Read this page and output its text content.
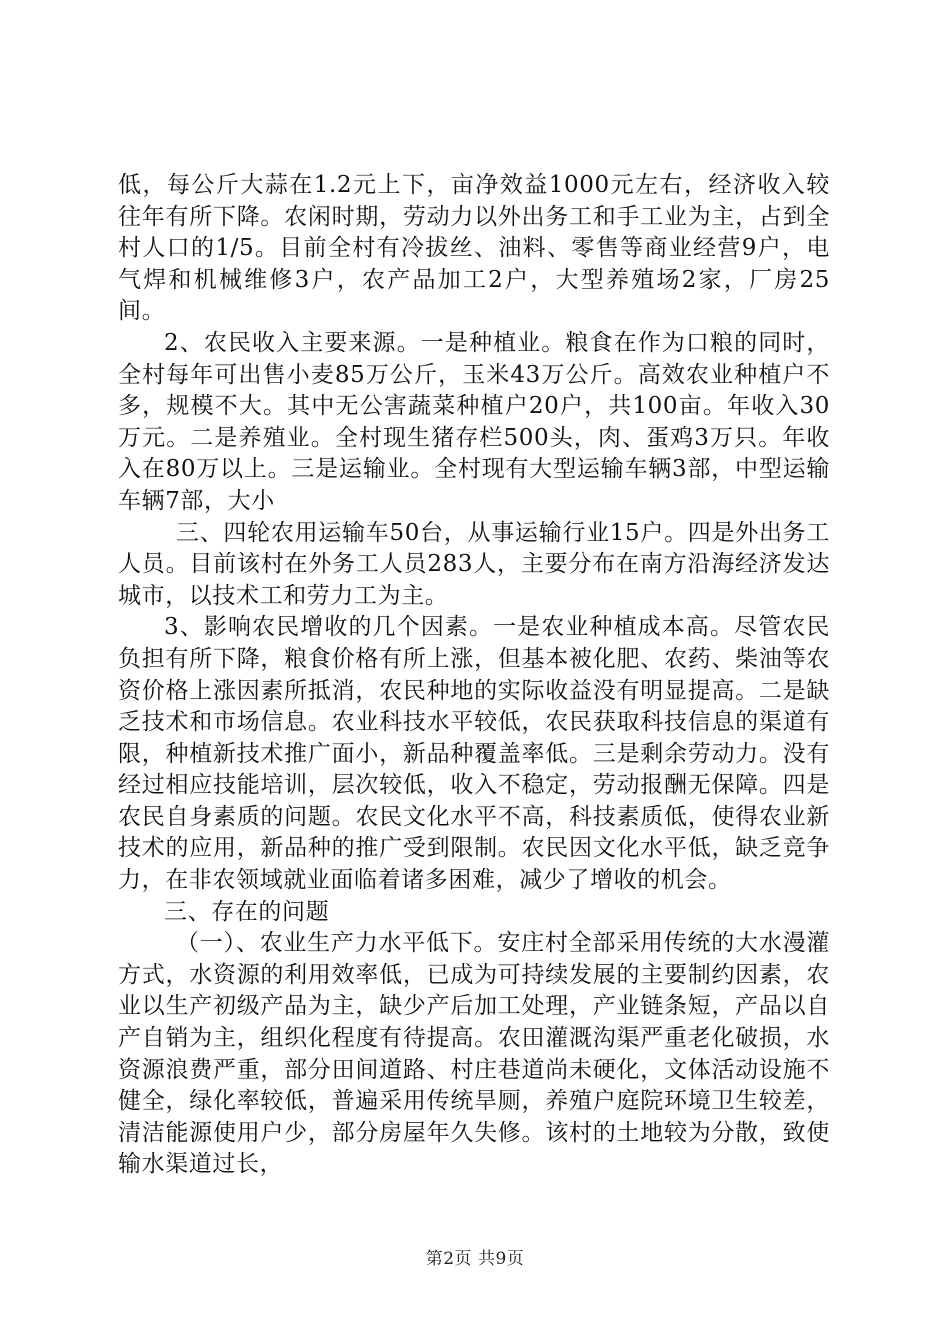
低，每公斤大蒜在1.2元上下，亩净效益1000元左右，经济收入较往年有所下降。农闲时期，劳动力以外出务工和手工业为主，占到全村人口的1/5。目前全村有冷拔丝、油料、零售等商业经营9户，电气焊和机械维修3户，农产品加工2户，大型养殖场2家，厂房25间。

2、农民收入主要来源。一是种植业。粮食在作为口粮的同时，全村每年可出售小麦85万公斤，玉米43万公斤。高效农业种植户不多，规模不大。其中无公害蔬菜种植户20户，共100亩。年收入30万元。二是养殖业。全村现生猪存栏500头，肉、蛋鸡3万只。年收入在80万以上。三是运输业。全村现有大型运输车辆3部，中型运输车辆7部，大小

三、四轮农用运输车50台，从事运输行业15户。四是外出务工人员。目前该村在外务工人员283人，主要分布在南方沿海经济发达城市，以技术工和劳力工为主。

3、影响农民增收的几个因素。一是农业种植成本高。尽管农民负担有所下降，粮食价格有所上涨，但基本被化肥、农药、柴油等农资价格上涨因素所抵消，农民种地的实际收益没有明显提高。二是缺乏技术和市场信息。农业科技水平较低，农民获取科技信息的渠道有限，种植新技术推广面小，新品种覆盖率低。三是剩余劳动力。没有经过相应技能培训，层次较低，收入不稳定，劳动报酬无保障。四是农民自身素质的问题。农民文化水平不高，科技素质低，使得农业新技术的应用，新品种的推广受到限制。农民因文化水平低，缺乏竞争力，在非农领域就业面临着诸多困难，减少了增收的机会。

三、存在的问题

（一）、农业生产力水平低下。安庄村全部采用传统的大水漫灌方式，水资源的利用效率低，已成为可持续发展的主要制约因素，农业以生产初级产品为主，缺少产后加工处理，产业链条短，产品以自产自销为主，组织化程度有待提高。农田灌溉沟渠严重老化破损，水资源浪费严重，部分田间道路、村庄巷道尚未硬化，文体活动设施不健全，绿化率较低，普遍采用传统旱厕，养殖户庭院环境卫生较差，清洁能源使用户少，部分房屋年久失修。该村的土地较为分散，致使输水渠道过长，

第2页 共9页
